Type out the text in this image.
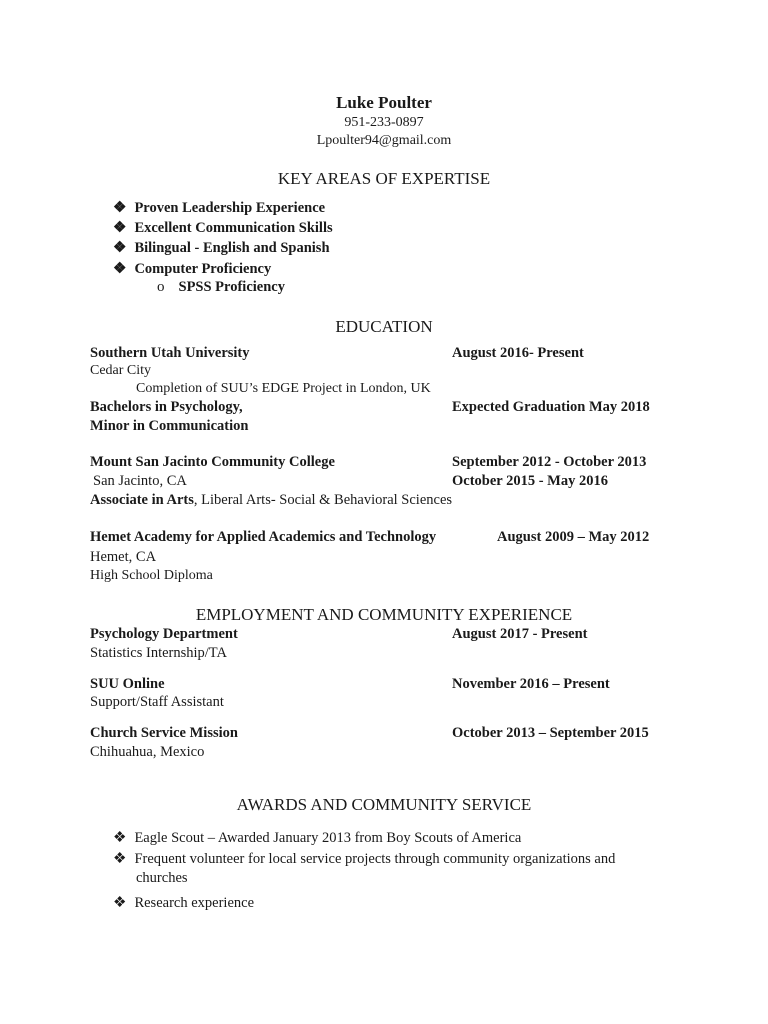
Luke Poulter
951-233-0897
Lpoulter94@gmail.com
KEY AREAS OF EXPERTISE
❖ Proven Leadership Experience
❖ Excellent Communication Skills
❖ Bilingual - English and Spanish
❖ Computer Proficiency
o SPSS Proficiency
EDUCATION
Southern Utah University	August 2016- Present
Cedar City
Completion of SUU’s EDGE Project in London, UK
Bachelors in Psychology,	Expected Graduation May 2018
Minor in Communication
Mount San Jacinto Community College	September 2012 - October 2013
San Jacinto, CA	October 2015 - May 2016
Associate in Arts, Liberal Arts- Social & Behavioral Sciences
Hemet Academy for Applied Academics and Technology	August 2009 – May 2012
Hemet, CA
High School Diploma
EMPLOYMENT AND COMMUNITY EXPERIENCE
Psychology Department	August 2017 - Present
Statistics Internship/TA
SUU Online	November 2016 – Present
Support/Staff Assistant
Church Service Mission	October 2013 – September 2015
Chihuahua, Mexico
AWARDS AND COMMUNITY SERVICE
❖ Eagle Scout – Awarded January 2013 from Boy Scouts of America
❖ Frequent volunteer for local service projects through community organizations and
churches
❖ Research experience
